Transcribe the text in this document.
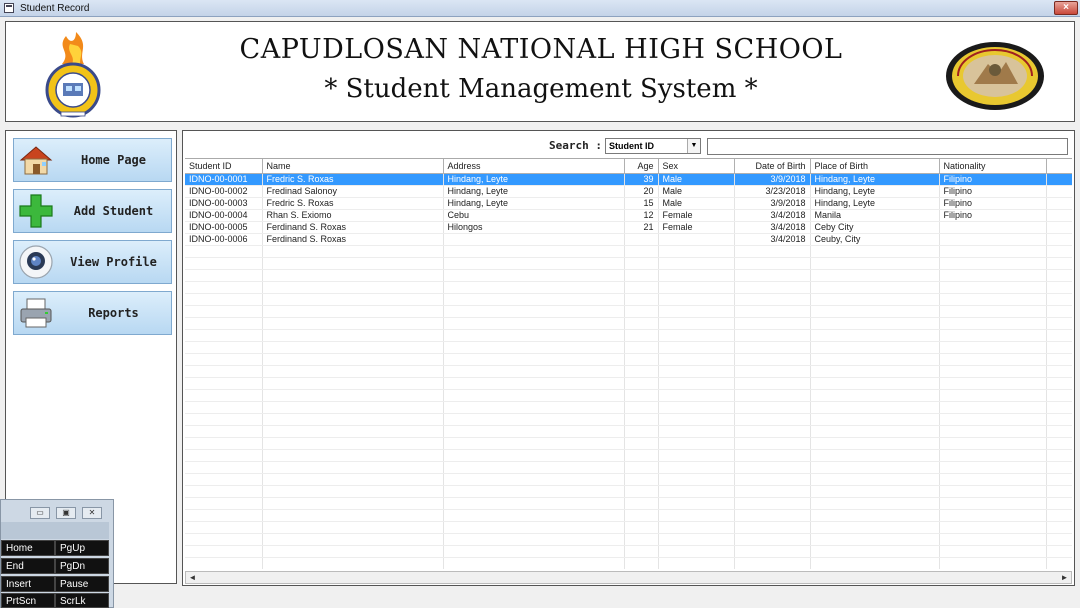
Student Record	×
CAPUDLOSAN NATIONAL HIGH SCHOOL
* Student Management System *
Home Page
Add Student
View Profile
Reports
Search : Student ID	▼
Student ID	Name	Address	Age	Sex	Date of Birth	Place of Birth	Nationality	
IDNO-00-0001	Fredric S. Roxas	Hindang, Leyte	39	Male	3/9/2018	Hindang, Leyte	Filipino	
IDNO-00-0002	Fredinad Salonoy	Hindang, Leyte	20	Male	3/23/2018	Hindang, Leyte	Filipino	
IDNO-00-0003	Fredric S. Roxas	Hindang, Leyte	15	Male	3/9/2018	Hindang, Leyte	Filipino	
IDNO-00-0004	Rhan S. Exiomo	Cebu	12	Female	3/4/2018	Manila	Filipino	
IDNO-00-0005	Ferdinand S. Roxas	Hilongos	21	Female	3/4/2018	Ceby City		
IDNO-00-0006	Ferdinand S. Roxas				3/4/2018	Ceuby, City		

◄	►
▭	▣	✕
Home	PgUp
End	PgDn
Insert	Pause
PrtScn	ScrLk
